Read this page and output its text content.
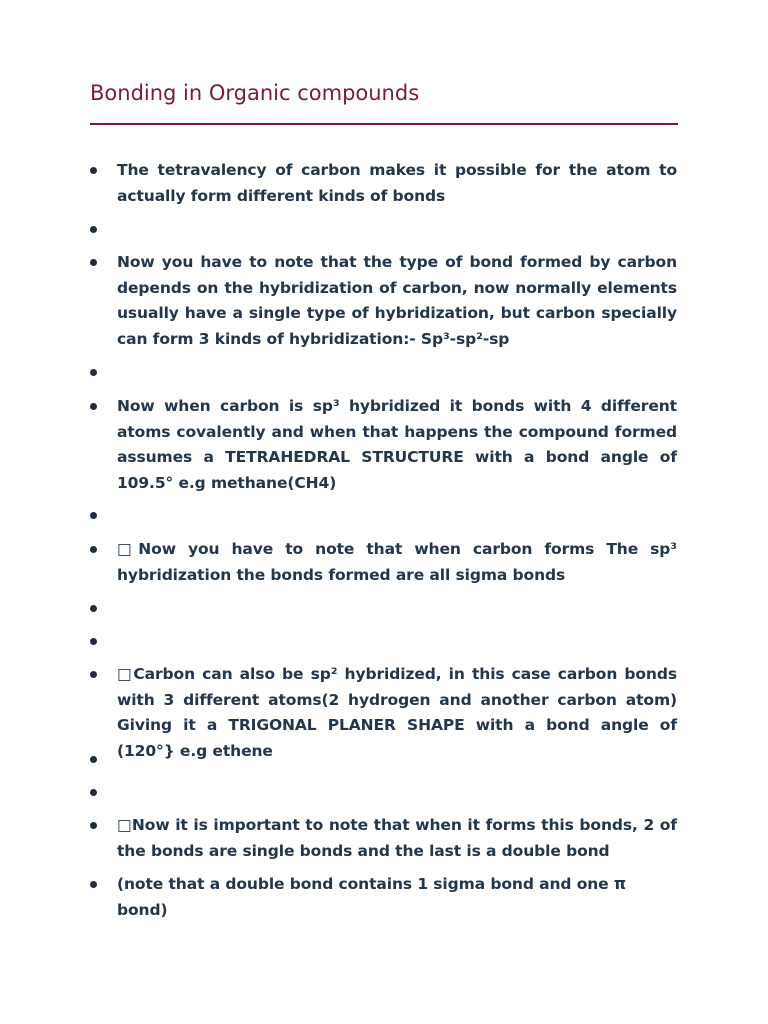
Bonding in Organic compounds
The tetravalency of carbon makes it possible for the atom to actually form different kinds of bonds
Now you have to note that the type of bond formed by carbon depends on the hybridization of carbon, now normally elements usually have a single type of hybridization, but carbon specially can form 3 kinds of hybridization:- Sp³-sp²-sp
Now when carbon is sp³ hybridized it bonds with 4 different atoms covalently and when that happens the compound formed assumes a TETRAHEDRAL STRUCTURE with a bond angle of 109.5° e.g methane(CH4)
□Now you have to note that when carbon forms The sp³ hybridization the bonds formed are all sigma bonds
□Carbon can also be sp² hybridized, in this case carbon bonds with 3 different atoms(2 hydrogen and another carbon atom) Giving it a TRIGONAL PLANER SHAPE with a bond angle of (120°} e.g ethene
□Now it is important to note that when it forms this bonds, 2 of the bonds are single bonds and the last is a double bond
(note that a double bond contains 1 sigma bond and one π bond)
